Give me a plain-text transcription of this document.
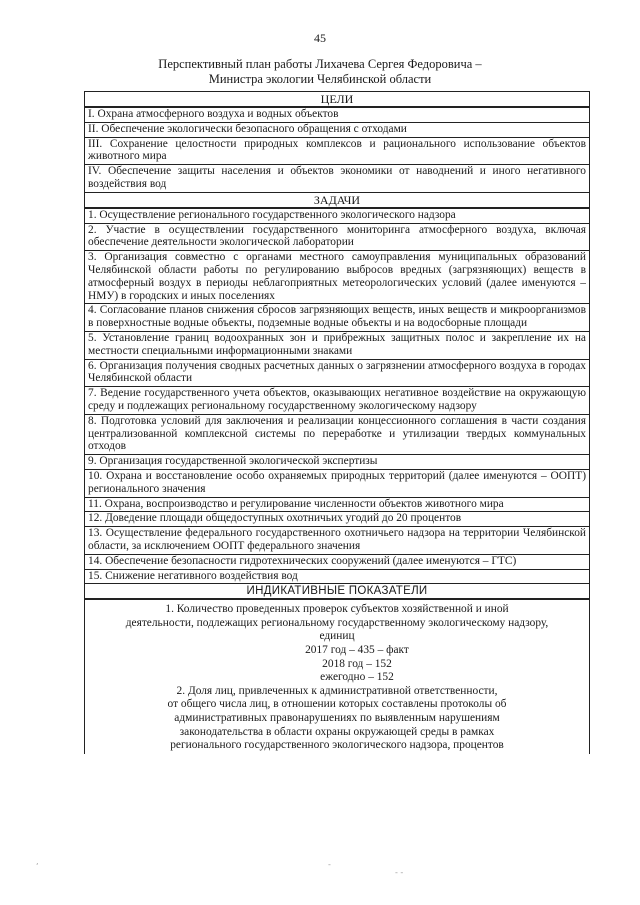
45
Перспективный план работы Лихачева Сергея Федоровича –
Министра экологии Челябинской области
ЦЕЛИ
I. Охрана атмосферного воздуха и водных объектов
II. Обеспечение экологически безопасного обращения с отходами
III. Сохранение целостности природных комплексов и рационального использование объектов животного мира
IV. Обеспечение защиты населения и объектов экономики от наводнений и иного негативного воздействия вод
ЗАДАЧИ
1. Осуществление регионального государственного экологического надзора
2. Участие в осуществлении государственного мониторинга атмосферного воздуха, включая обеспечение деятельности экологической лаборатории
3. Организация совместно с органами местного самоуправления муниципальных образований Челябинской области работы по регулированию выбросов вредных (загрязняющих) веществ в атмосферный воздух в периоды неблагоприятных метеорологических условий (далее именуются – НМУ) в городских и иных поселениях
4. Согласование планов снижения сбросов загрязняющих веществ, иных веществ и микроорганизмов в поверхностные водные объекты, подземные водные объекты и на водосборные площади
5. Установление границ водоохранных зон и прибрежных защитных полос и закрепление их на местности специальными информационными знаками
6. Организация получения сводных расчетных данных о загрязнении атмосферного воздуха в городах Челябинской области
7. Ведение государственного учета объектов, оказывающих негативное воздействие на окружающую среду и подлежащих региональному государственному экологическому надзору
8. Подготовка условий для заключения и реализации концессионного соглашения в части создания централизованной комплексной системы по переработке и утилизации твердых коммунальных отходов
9. Организация государственной экологической экспертизы
10. Охрана и восстановление особо охраняемых природных территорий (далее именуются – ООПТ) регионального значения
11. Охрана, воспроизводство и регулирование численности объектов животного мира
12. Доведение площади общедоступных охотничьих угодий до 20 процентов
13. Осуществление федерального государственного охотничьего надзора на территории Челябинской области, за исключением ООПТ федерального значения
14. Обеспечение безопасности гидротехнических сооружений (далее именуются – ГТС)
15. Снижение негативного воздействия вод
ИНДИКАТИВНЫЕ ПОКАЗАТЕЛИ

1. Количество проведенных проверок субъектов хозяйственной и иной

деятельности, подлежащих региональному государственному экологическому надзору,

единиц

2017 год – 435 – факт

2018 год – 152

ежегодно – 152

2. Доля лиц, привлеченных к административной ответственности,

от общего числа лиц, в отношении которых составлены протоколы об

административных правонарушениях по выявленным нарушениям

законодательства в области охраны окружающей среды в рамках

регионального государственного экологического надзора, процентов

,	-
- -
